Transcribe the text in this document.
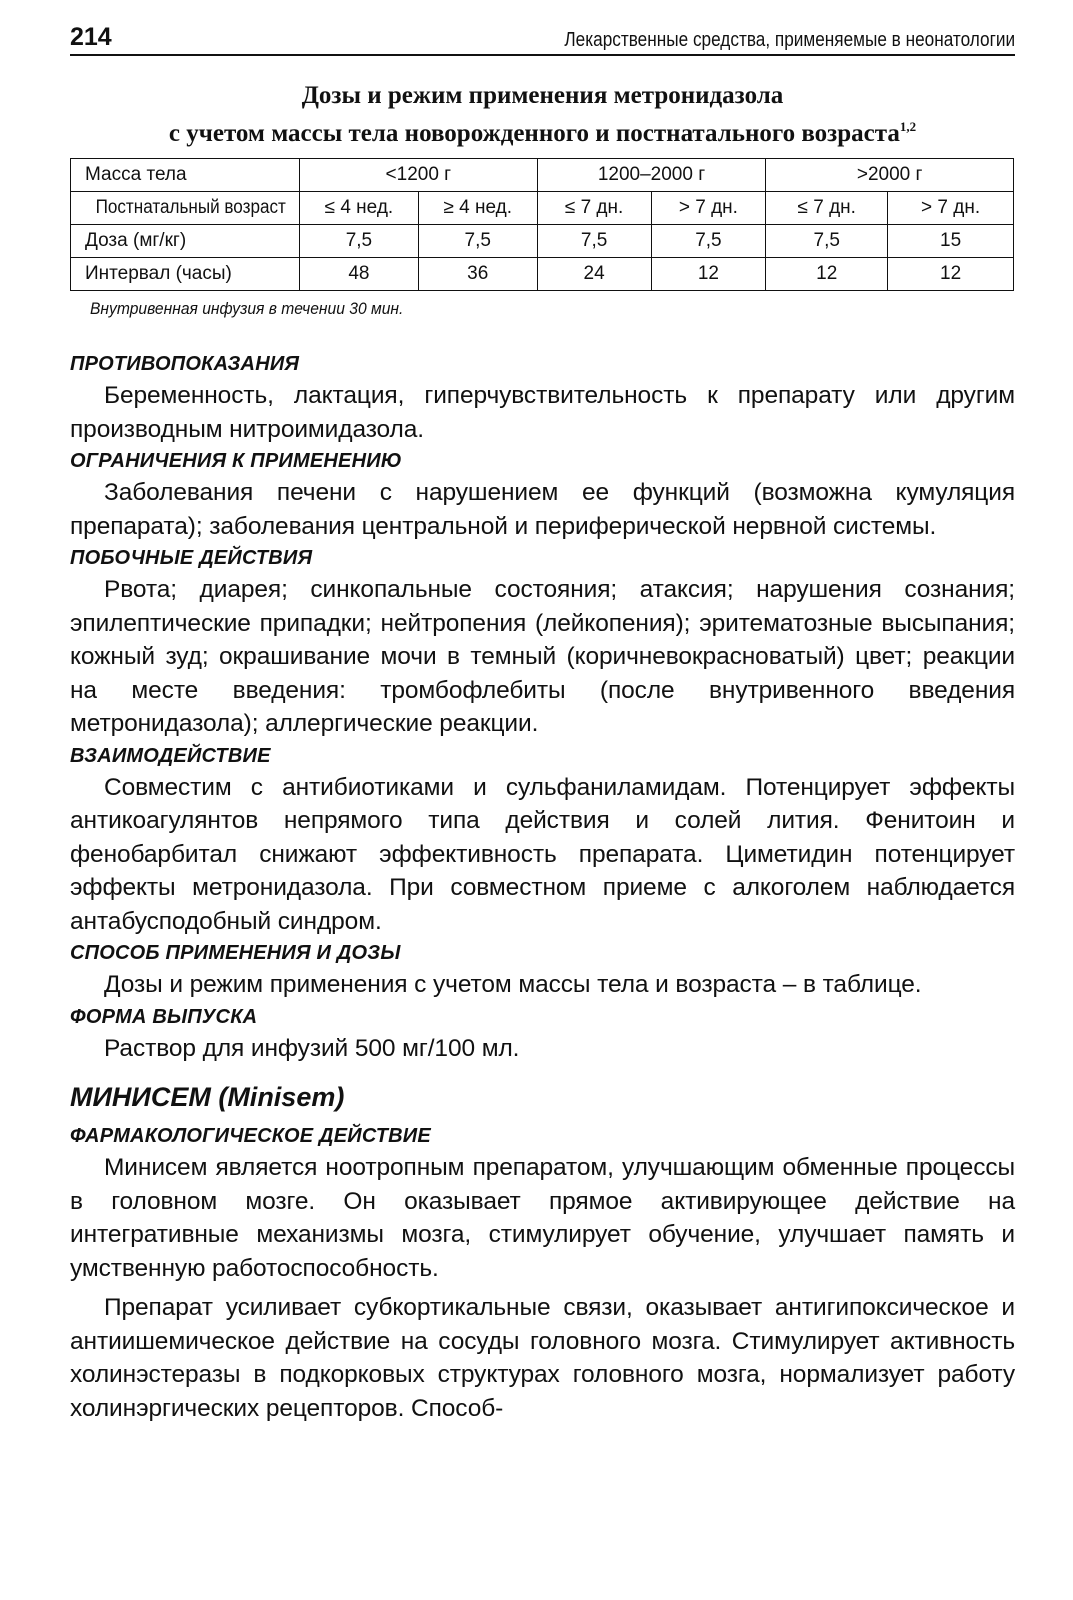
214	Лекарственные средства, применяемые в неонатологии
Дозы и режим применения метронидазола
с учетом массы тела новорожденного и постнатального возраста$^{1,2}$
Масса тела	<1200 г		1200–2000 г		>2000 г	
Постнатальный возраст	≤ 4 нед.	≥ 4 нед.	≤ 7 дн.	> 7 дн.	≤ 7 дн.	> 7 дн.
Доза (мг/кг)	7,5	7,5	7,5	7,5	7,5	15
Интервал (часы)	48	36	24	12	12	12
Внутривенная инфузия в течении 30 мин.
ПРОТИВОПОКАЗАНИЯ
Беременность, лактация, гиперчувствительность к препарату или другим производным нитроимидазола.
ОГРАНИЧЕНИЯ К ПРИМЕНЕНИЮ
Заболевания печени с нарушением ее функций (возможна кумуляция препарата); заболевания центральной и периферической нервной системы.
ПОБОЧНЫЕ ДЕЙСТВИЯ
Рвота; диарея; синкопальные состояния; атаксия; нарушения сознания; эпилептические припадки; нейтропения (лейкопения); эритематозные высыпания; кожный зуд; окрашивание мочи в темный (коричневокрасноватый) цвет; реакции на месте введения: тромбофлебиты (после внутривенного введения метронидазола); аллергические реакции.
ВЗАИМОДЕЙСТВИЕ
Совместим с антибиотиками и сульфаниламидам. Потенцирует эффекты антикоагулянтов непрямого типа действия и солей лития. Фенитоин и фенобарбитал снижают эффективность препарата. Циметидин потенцирует эффекты метронидазола. При совместном приеме с алкоголем наблюдается антабусподобный синдром.
СПОСОБ ПРИМЕНЕНИЯ И ДОЗЫ
Дозы и режим применения с учетом массы тела и возраста – в таблице.
ФОРМА ВЫПУСКА
Раствор для инфузий 500 мг/100 мл.
МИНИСЕМ (Minisem)
ФАРМАКОЛОГИЧЕСКОЕ ДЕЙСТВИЕ
Минисем является ноотропным препаратом, улучшающим обменные процессы в головном мозге. Он оказывает прямое активирующее действие на интегративные механизмы мозга, стимулирует обучение, улучшает память и умственную работоспособность.
Препарат усиливает субкортикальные связи, оказывает антигипоксическое и антиишемическое действие на сосуды головного мозга. Стимулирует активность холинэстеразы в подкорковых структурах головного мозга, нормализует работу холинэргических рецепторов. Способ-
